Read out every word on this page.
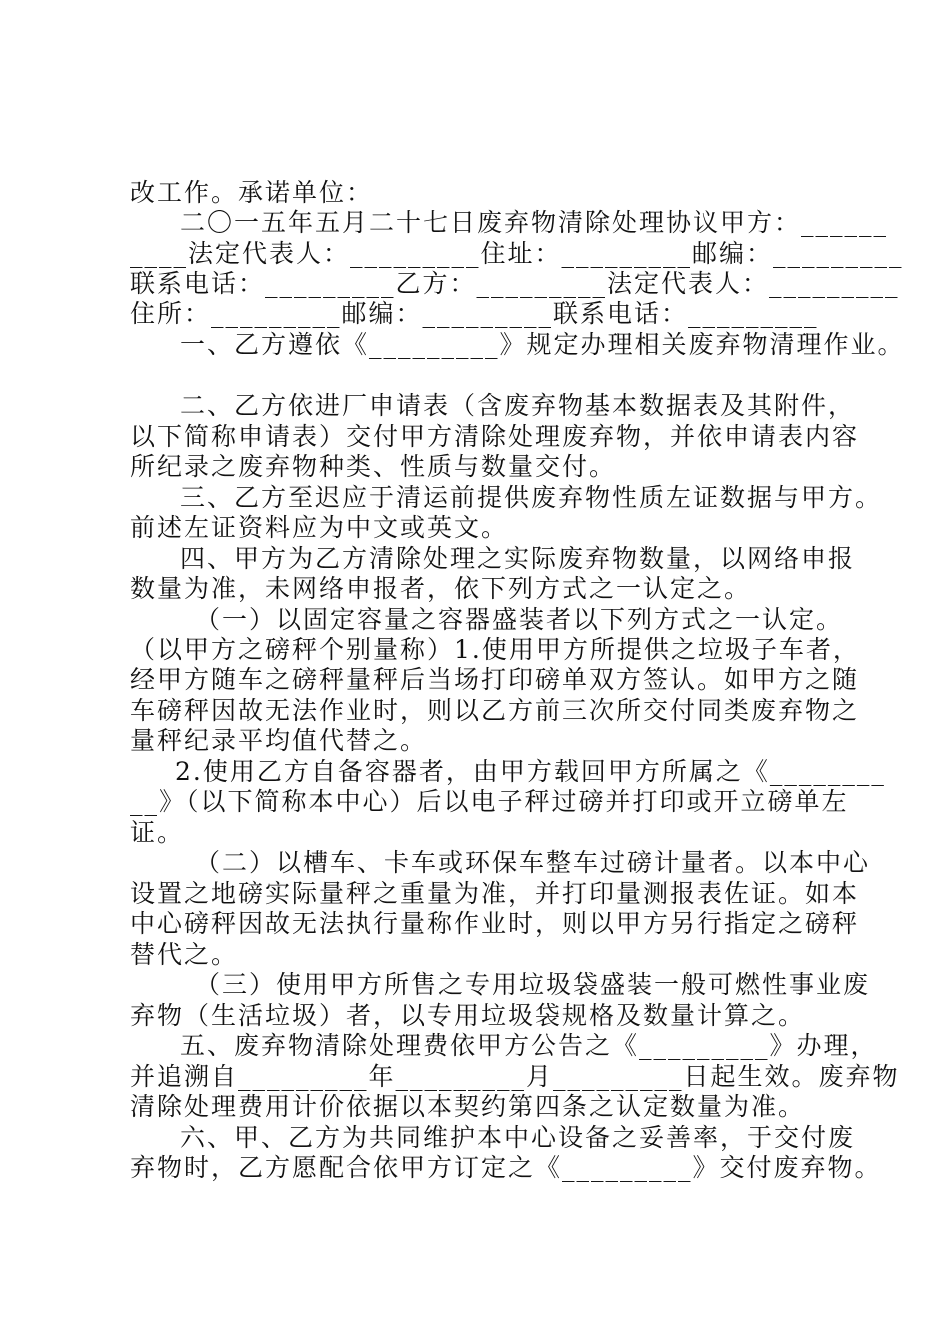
改工作。承诺单位：
二〇一五年五月二十七日废弃物清除处理协议甲方：______
____法定代表人：_________住址：_________邮编：_________
联系电话：_________乙方：_________法定代表人：_________
住所：_________邮编：_________联系电话：_________
一、乙方遵依《_________》规定办理相关废弃物清理作业。
二、乙方依进厂申请表（含废弃物基本数据表及其附件，
以下简称申请表）交付甲方清除处理废弃物，并依申请表内容
所纪录之废弃物种类、性质与数量交付。
三、乙方至迟应于清运前提供废弃物性质左证数据与甲方。
前述左证资料应为中文或英文。
四、甲方为乙方清除处理之实际废弃物数量，以网络申报
数量为准，未网络申报者，依下列方式之一认定之。
（一）以固定容量之容器盛装者以下列方式之一认定。
（以甲方之磅秤个别量称）1.使用甲方所提供之垃圾子车者，
经甲方随车之磅秤量秤后当场打印磅单双方签认。如甲方之随
车磅秤因故无法作业时，则以乙方前三次所交付同类废弃物之
量秤纪录平均值代替之。
2.使用乙方自备容器者，由甲方载回甲方所属之《________
__》（以下简称本中心）后以电子秤过磅并打印或开立磅单左
证。
（二）以槽车、卡车或环保车整车过磅计量者。以本中心
设置之地磅实际量秤之重量为准，并打印量测报表佐证。如本
中心磅秤因故无法执行量称作业时，则以甲方另行指定之磅秤
替代之。
（三）使用甲方所售之专用垃圾袋盛装一般可燃性事业废
弃物（生活垃圾）者，以专用垃圾袋规格及数量计算之。
五、废弃物清除处理费依甲方公告之《_________》办理，
并追溯自_________年_________月_________日起生效。废弃物
清除处理费用计价依据以本契约第四条之认定数量为准。
六、甲、乙方为共同维护本中心设备之妥善率，于交付废
弃物时，乙方愿配合依甲方订定之《_________》交付废弃物。
